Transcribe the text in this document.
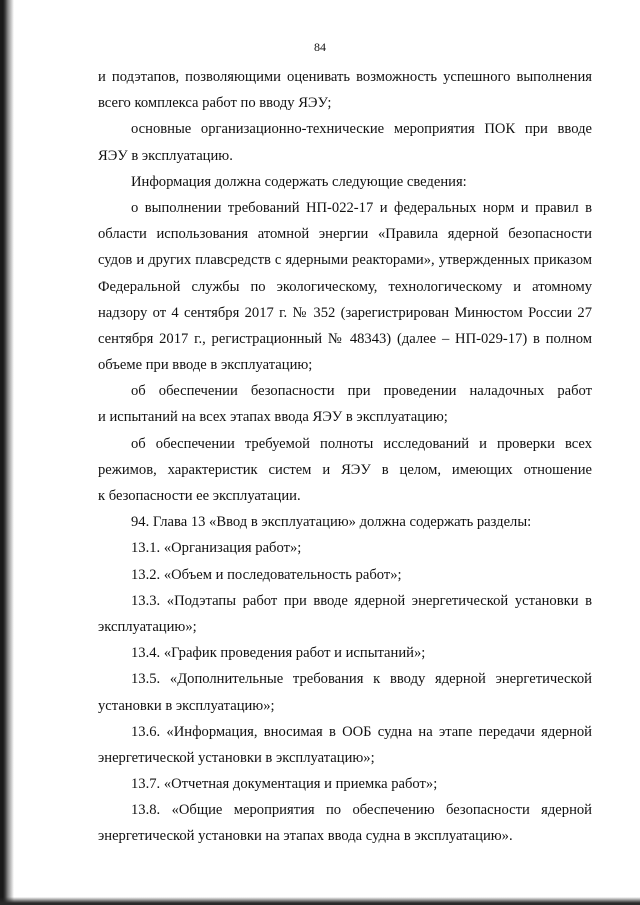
84
и подэтапов, позволяющими оценивать возможность успешного выполнения
всего комплекса работ по вводу ЯЭУ;
основные организационно-технические мероприятия ПОК при вводе
ЯЭУ в эксплуатацию.
Информация должна содержать следующие сведения:
о выполнении требований НП-022-17 и федеральных норм и правил в
области использования атомной энергии «Правила ядерной безопасности
судов и других плавсредств с ядерными реакторами», утвержденных приказом
Федеральной службы по экологическому, технологическому и атомному
надзору от 4 сентября 2017 г. № 352 (зарегистрирован Минюстом России 27
сентября 2017 г., регистрационный № 48343) (далее – НП-029-17) в полном
объеме при вводе в эксплуатацию;
об обеспечении безопасности при проведении наладочных работ
и испытаний на всех этапах ввода ЯЭУ в эксплуатацию;
об обеспечении требуемой полноты исследований и проверки всех
режимов, характеристик систем и ЯЭУ в целом, имеющих отношение
к безопасности ее эксплуатации.
94. Глава 13 «Ввод в эксплуатацию» должна содержать разделы:
13.1. «Организация работ»;
13.2. «Объем и последовательность работ»;
13.3. «Подэтапы работ при вводе ядерной энергетической установки в
эксплуатацию»;
13.4. «График проведения работ и испытаний»;
13.5. «Дополнительные требования к вводу ядерной энергетической
установки в эксплуатацию»;
13.6. «Информация, вносимая в ООБ судна на этапе передачи ядерной
энергетической установки в эксплуатацию»;
13.7. «Отчетная документация и приемка работ»;
13.8. «Общие мероприятия по обеспечению безопасности ядерной
энергетической установки на этапах ввода судна в эксплуатацию».
